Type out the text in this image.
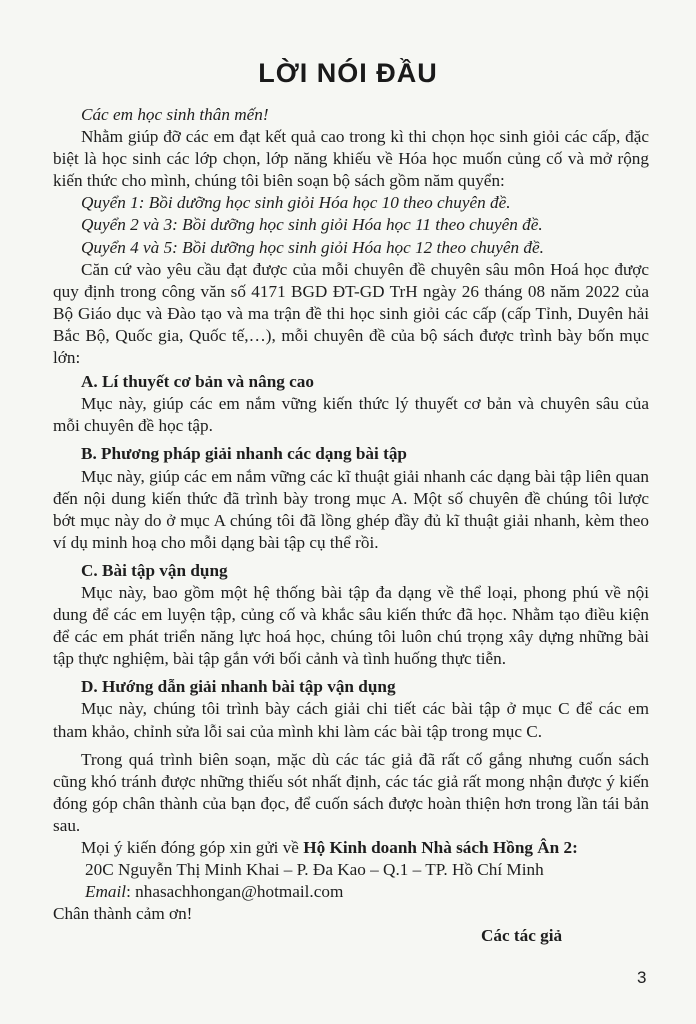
LỜI NÓI ĐẦU

Các em học sinh thân mến!

Nhằm giúp đỡ các em đạt kết quả cao trong kì thi chọn học sinh giỏi các cấp, đặc biệt là học sinh các lớp chọn, lớp năng khiếu về Hóa học muốn củng cố và mở rộng kiến thức cho mình, chúng tôi biên soạn bộ sách gồm năm quyển:

Quyển 1: Bồi dưỡng học sinh giỏi Hóa học 10 theo chuyên đề.

Quyển 2 và 3: Bồi dưỡng học sinh giỏi Hóa học 11 theo chuyên đề.

Quyển 4 và 5: Bồi dưỡng học sinh giỏi Hóa học 12 theo chuyên đề.

Căn cứ vào yêu cầu đạt được của mỗi chuyên đề chuyên sâu môn Hoá học được quy định trong công văn số 4171 BGD ĐT-GD TrH ngày 26 tháng 08 năm 2022 của Bộ Giáo dục và Đào tạo và ma trận đề thi học sinh giỏi các cấp (cấp Tỉnh, Duyên hải Bắc Bộ, Quốc gia, Quốc tế,…), mỗi chuyên đề của bộ sách được trình bày bốn mục lớn:

A. Lí thuyết cơ bản và nâng cao

Mục này, giúp các em nắm vững kiến thức lý thuyết cơ bản và chuyên sâu của mỗi chuyên đề học tập.

B. Phương pháp giải nhanh các dạng bài tập

Mục này, giúp các em nắm vững các kĩ thuật giải nhanh các dạng bài tập liên quan đến nội dung kiến thức đã trình bày trong mục A. Một số chuyên đề chúng tôi lược bớt mục này do ở mục A chúng tôi đã lồng ghép đầy đủ kĩ thuật giải nhanh, kèm theo ví dụ minh hoạ cho mỗi dạng bài tập cụ thể rồi.

C. Bài tập vận dụng

Mục này, bao gồm một hệ thống bài tập đa dạng về thể loại, phong phú về nội dung để các em luyện tập, củng cố và khắc sâu kiến thức đã học. Nhằm tạo điều kiện để các em phát triển năng lực hoá học, chúng tôi luôn chú trọng xây dựng những bài tập thực nghiệm, bài tập gắn với bối cảnh và tình huống thực tiễn.

D. Hướng dẫn giải nhanh bài tập vận dụng

Mục này, chúng tôi trình bày cách giải chi tiết các bài tập ở mục C để các em tham khảo, chỉnh sửa lỗi sai của mình khi làm các bài tập trong mục C.

Trong quá trình biên soạn, mặc dù các tác giả đã rất cố gắng nhưng cuốn sách cũng khó tránh được những thiếu sót nhất định, các tác giả rất mong nhận được ý kiến đóng góp chân thành của bạn đọc, để cuốn sách được hoàn thiện hơn trong lần tái bản sau.

Mọi ý kiến đóng góp xin gửi về Hộ Kinh doanh Nhà sách Hồng Ân 2:

20C Nguyễn Thị Minh Khai – P. Đa Kao – Q.1 – TP. Hồ Chí Minh

Email: nhasachhongan@hotmail.com

Chân thành cảm ơn!

Các tác giả
3
